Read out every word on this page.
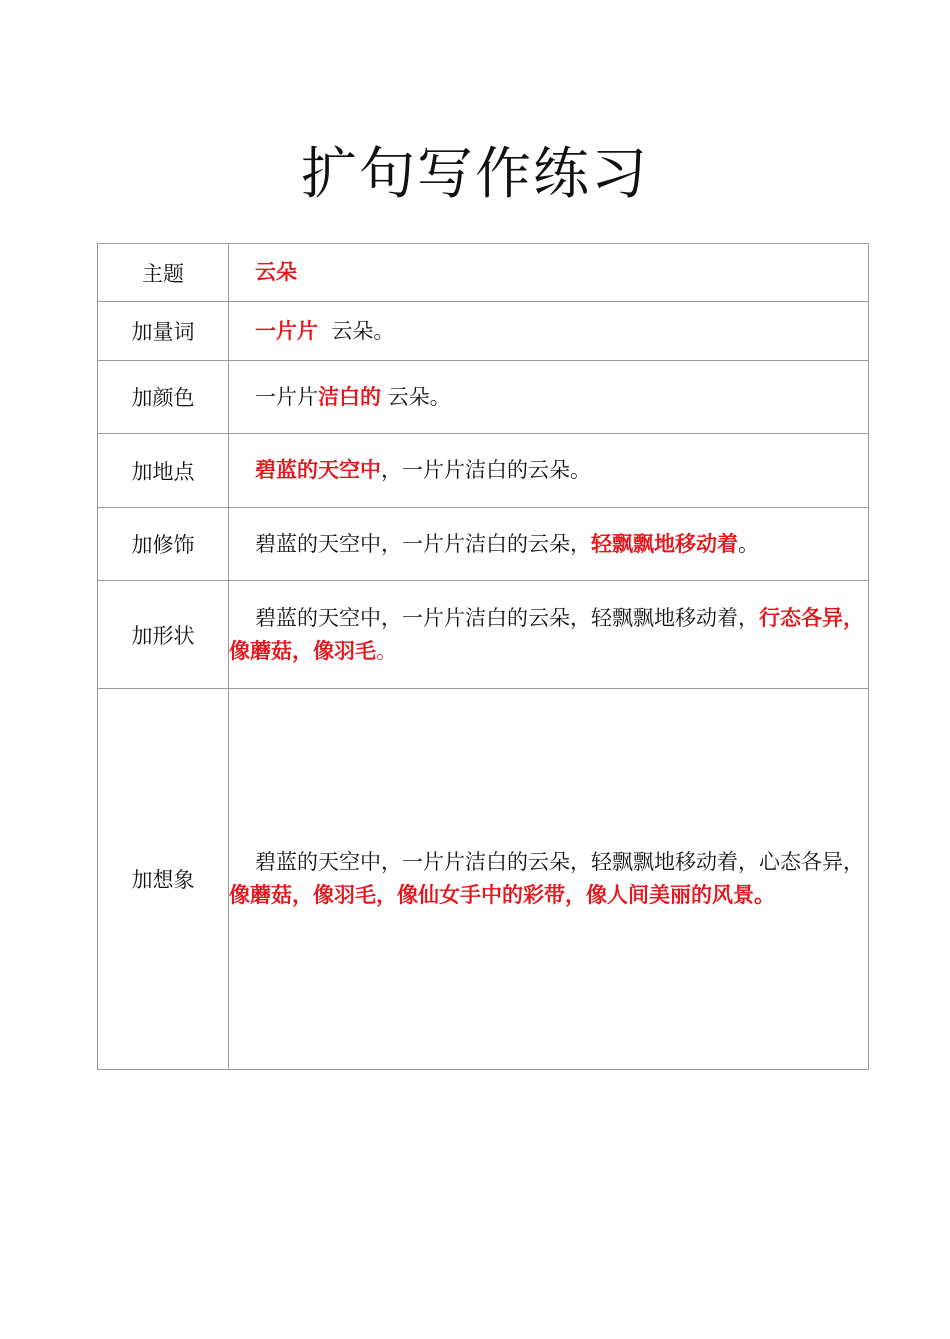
扩句写作练习
主题	云朵

加量词	一片片  云朵。

加颜色	一片片洁白的 云朵。

加地点	碧蓝的天空中，一片片洁白的云朵。

加修饰	碧蓝的天空中，一片片洁白的云朵，轻飘飘地移动着。

加形状	碧蓝的天空中，一片片洁白的云朵，轻飘飘地移动着，行态各异，像蘑菇，像羽毛。

加想象	碧蓝的天空中，一片片洁白的云朵，轻飘飘地移动着，心态各异，像蘑菇，像羽毛，像仙女手中的彩带，像人间美丽的风景。
